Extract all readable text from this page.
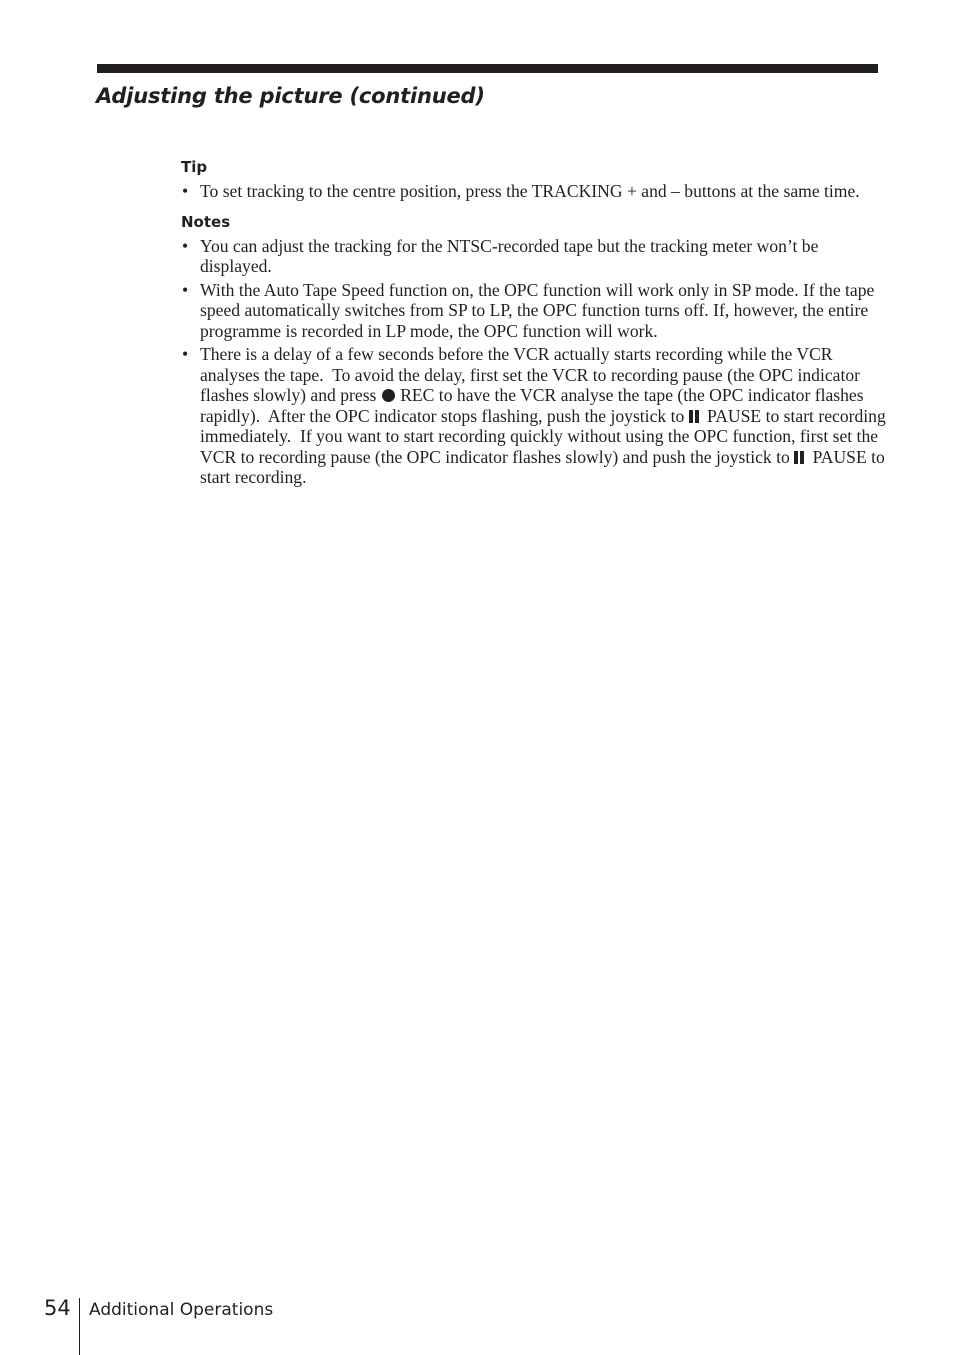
Adjusting the picture (continued)
Tip
• To set tracking to the centre position, press the TRACKING + and – buttons at the same time.
Notes
• You can adjust the tracking for the NTSC-recorded tape but the tracking meter won’t be displayed.
• With the Auto Tape Speed function on, the OPC function will work only in SP mode. If the tape speed automatically switches from SP to LP, the OPC function turns off. If, however, the entire programme is recorded in LP mode, the OPC function will work.
• There is a delay of a few seconds before the VCR actually starts recording while the VCR analyses the tape.  To avoid the delay, first set the VCR to recording pause (the OPC indicator flashes slowly) and press  REC to have the VCR analyse the tape (the OPC indicator flashes rapidly).  After the OPC indicator stops flashing, push the joystick to  PAUSE to start recording immediately.  If you want to start recording quickly without using the OPC function, first set the VCR to recording pause (the OPC indicator flashes slowly) and push the joystick to  PAUSE to start recording.
54 Additional Operations
